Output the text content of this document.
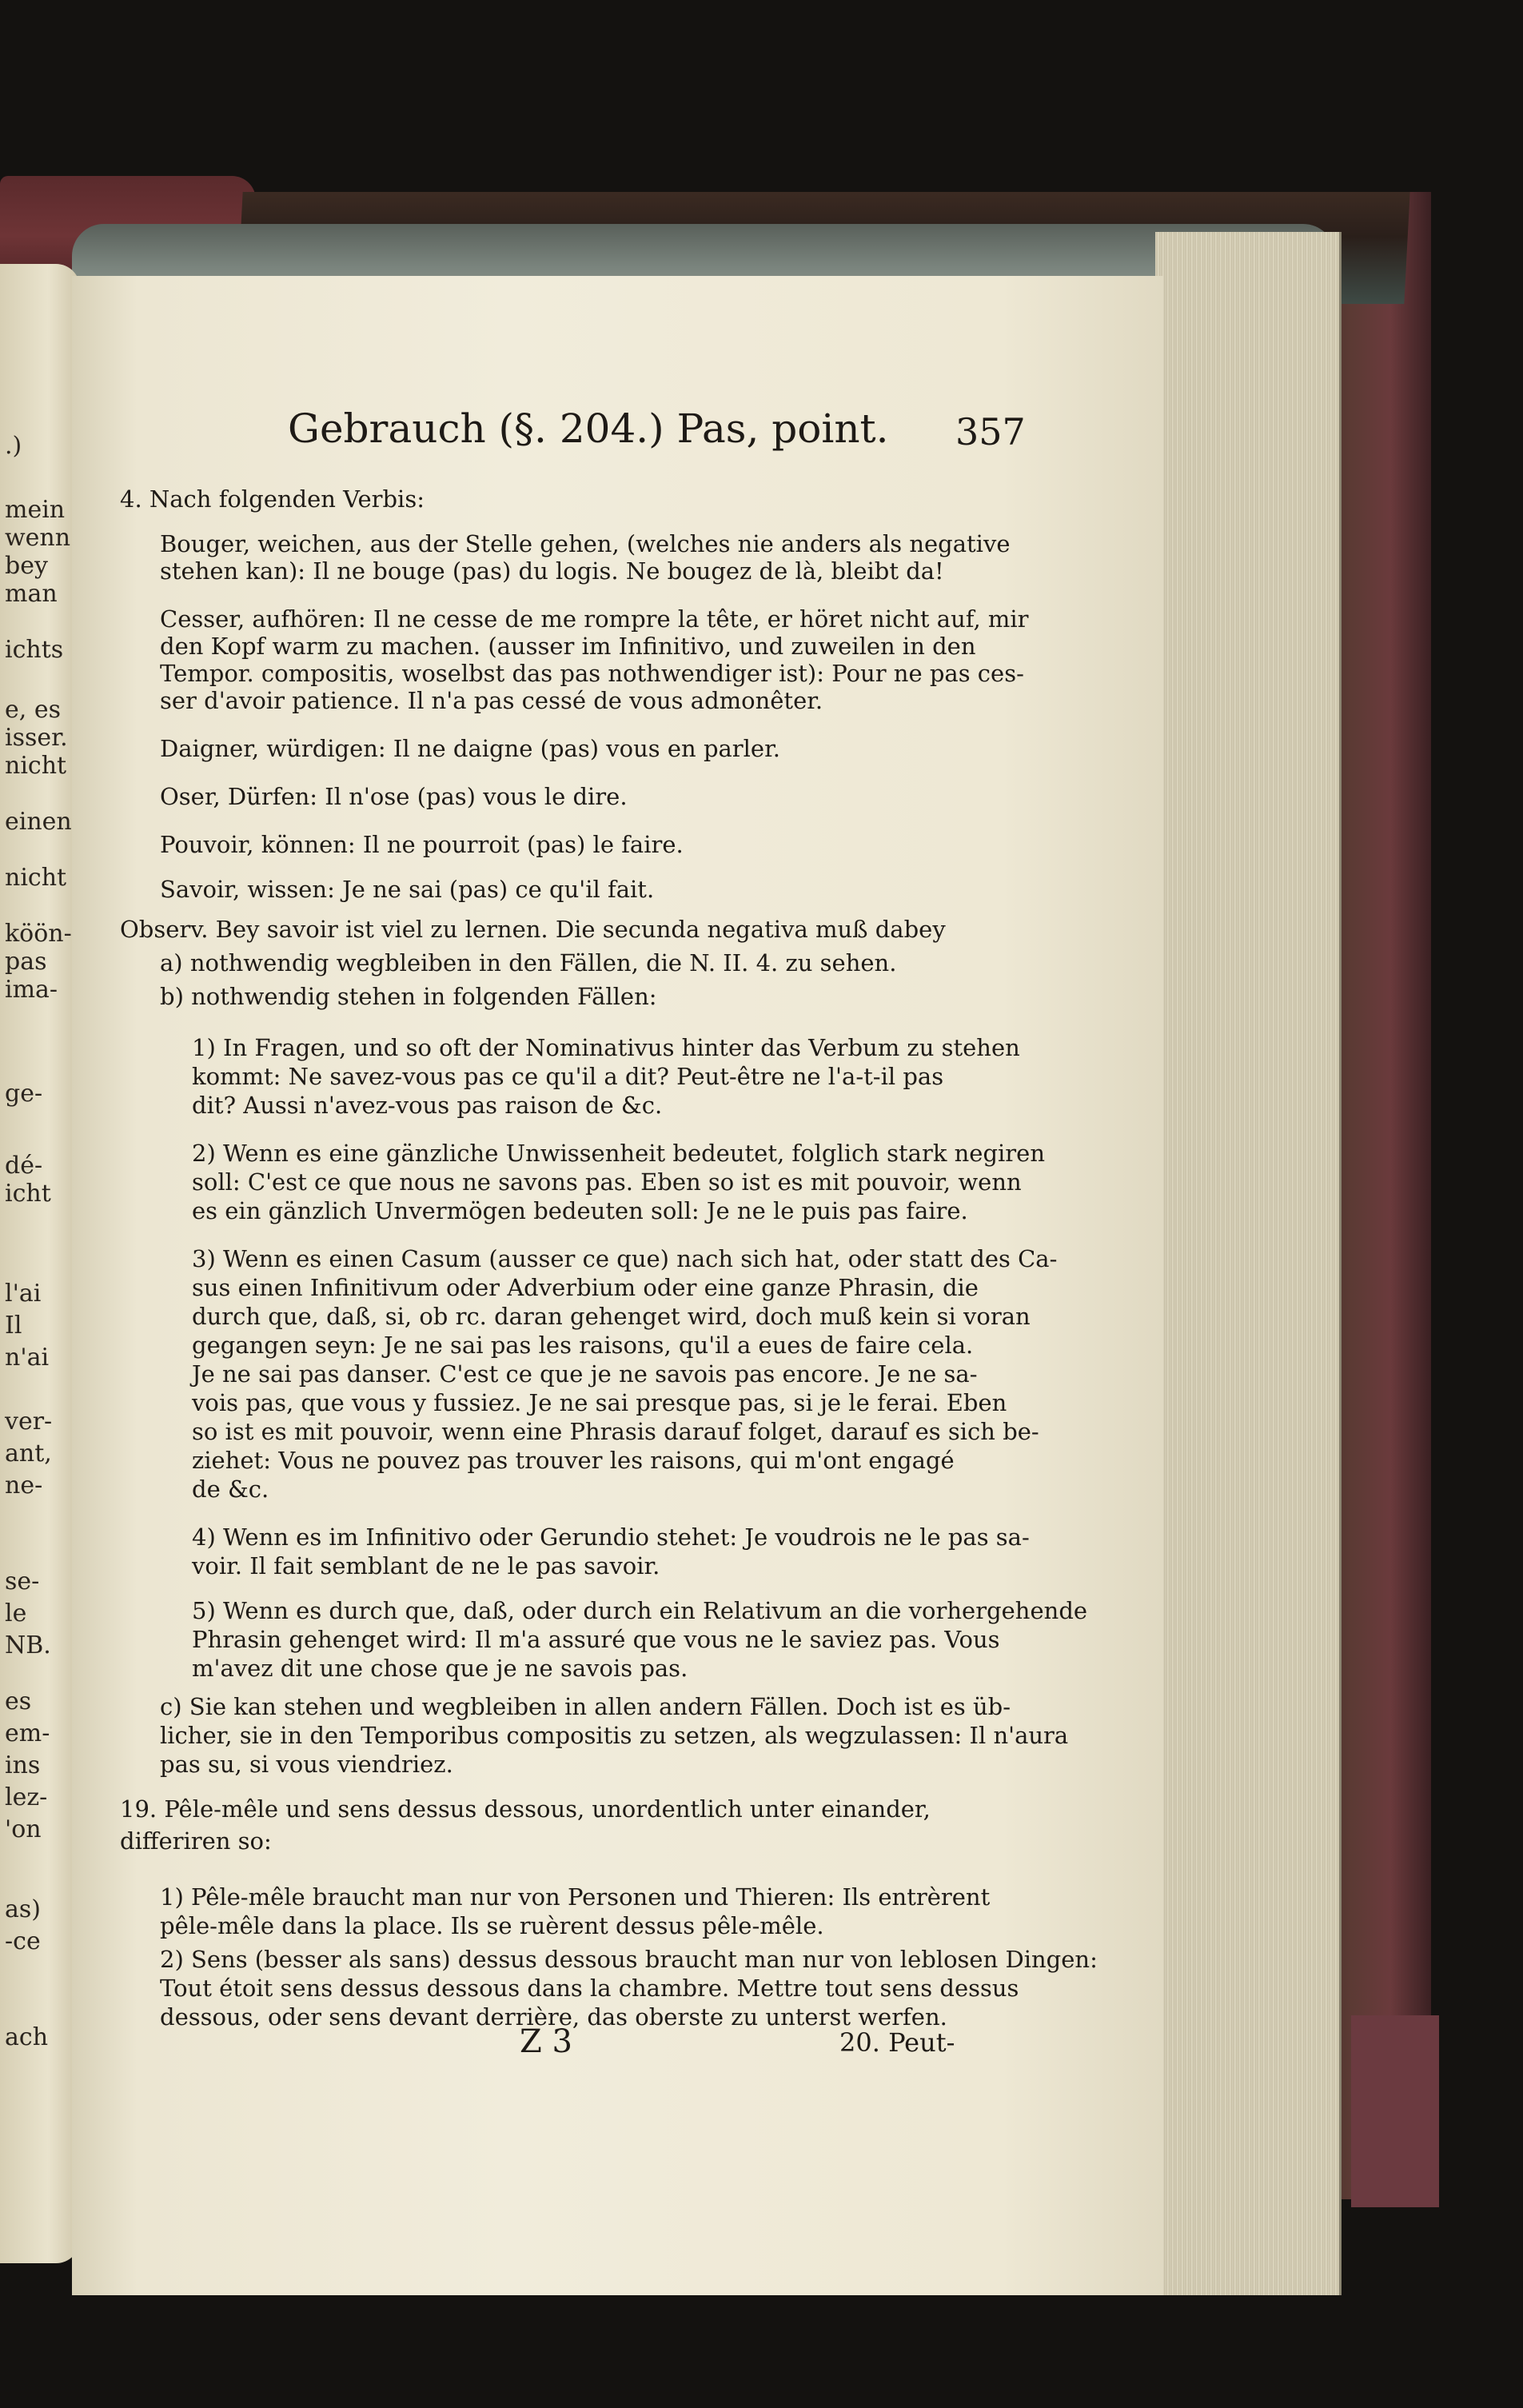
.)
mein
wenn
bey
man
ichts
e, es
isser.
nicht
einen
nicht
köön-
pas
ima-
ge-
dé-
icht
l'ai
Il
n'ai
ver-
ant,
ne-
se-
le
NB.
es
em-
ins
lez-
'on
as)
-ce
ach
Gebrauch (§. 204.) Pas, point. 357
4. Nach folgenden Verbis:
Bouger, weichen, aus der Stelle gehen, (welches nie anders als negative
stehen kan): Il ne bouge (pas) du logis. Ne bougez de là, bleibt da!
Cesser, aufhören: Il ne cesse de me rompre la tête, er höret nicht auf, mir
den Kopf warm zu machen. (ausser im Infinitivo, und zuweilen in den
Tempor. compositis, woselbst das pas nothwendiger ist): Pour ne pas ces-
ser d'avoir patience. Il n'a pas cessé de vous admonêter.
Daigner, würdigen: Il ne daigne (pas) vous en parler.
Oser, Dürfen: Il n'ose (pas) vous le dire.
Pouvoir, können: Il ne pourroit (pas) le faire.
Savoir, wissen: Je ne sai (pas) ce qu'il fait.
Observ. Bey savoir ist viel zu lernen. Die secunda negativa muß dabey
a) nothwendig wegbleiben in den Fällen, die N. II. 4. zu sehen.
b) nothwendig stehen in folgenden Fällen:
1) In Fragen, und so oft der Nominativus hinter das Verbum zu stehen
kommt: Ne savez-vous pas ce qu'il a dit? Peut-être ne l'a-t-il pas
dit? Aussi n'avez-vous pas raison de &c.
2) Wenn es eine gänzliche Unwissenheit bedeutet, folglich stark negiren
soll: C'est ce que nous ne savons pas. Eben so ist es mit pouvoir, wenn
es ein gänzlich Unvermögen bedeuten soll: Je ne le puis pas faire.
3) Wenn es einen Casum (ausser ce que) nach sich hat, oder statt des Ca-
sus einen Infinitivum oder Adverbium oder eine ganze Phrasin, die
durch que, daß, si, ob rc. daran gehenget wird, doch muß kein si voran
gegangen seyn: Je ne sai pas les raisons, qu'il a eues de faire cela.
Je ne sai pas danser. C'est ce que je ne savois pas encore. Je ne sa-
vois pas, que vous y fussiez. Je ne sai presque pas, si je le ferai. Eben
so ist es mit pouvoir, wenn eine Phrasis darauf folget, darauf es sich be-
ziehet: Vous ne pouvez pas trouver les raisons, qui m'ont engagé
de &c.
4) Wenn es im Infinitivo oder Gerundio stehet: Je voudrois ne le pas sa-
voir. Il fait semblant de ne le pas savoir.
5) Wenn es durch que, daß, oder durch ein Relativum an die vorhergehende
Phrasin gehenget wird: Il m'a assuré que vous ne le saviez pas. Vous
m'avez dit une chose que je ne savois pas.
c) Sie kan stehen und wegbleiben in allen andern Fällen. Doch ist es üb-
licher, sie in den Temporibus compositis zu setzen, als wegzulassen: Il n'aura
pas su, si vous viendriez.
19. Pêle-mêle und sens dessus dessous, unordentlich unter einander,
differiren so:
1) Pêle-mêle braucht man nur von Personen und Thieren: Ils entrèrent
pêle-mêle dans la place. Ils se ruèrent dessus pêle-mêle.
2) Sens (besser als sans) dessus dessous braucht man nur von leblosen Dingen:
Tout étoit sens dessus dessous dans la chambre. Mettre tout sens dessus
dessous, oder sens devant derrière, das oberste zu unterst werfen.
Z 3	20. Peut-
